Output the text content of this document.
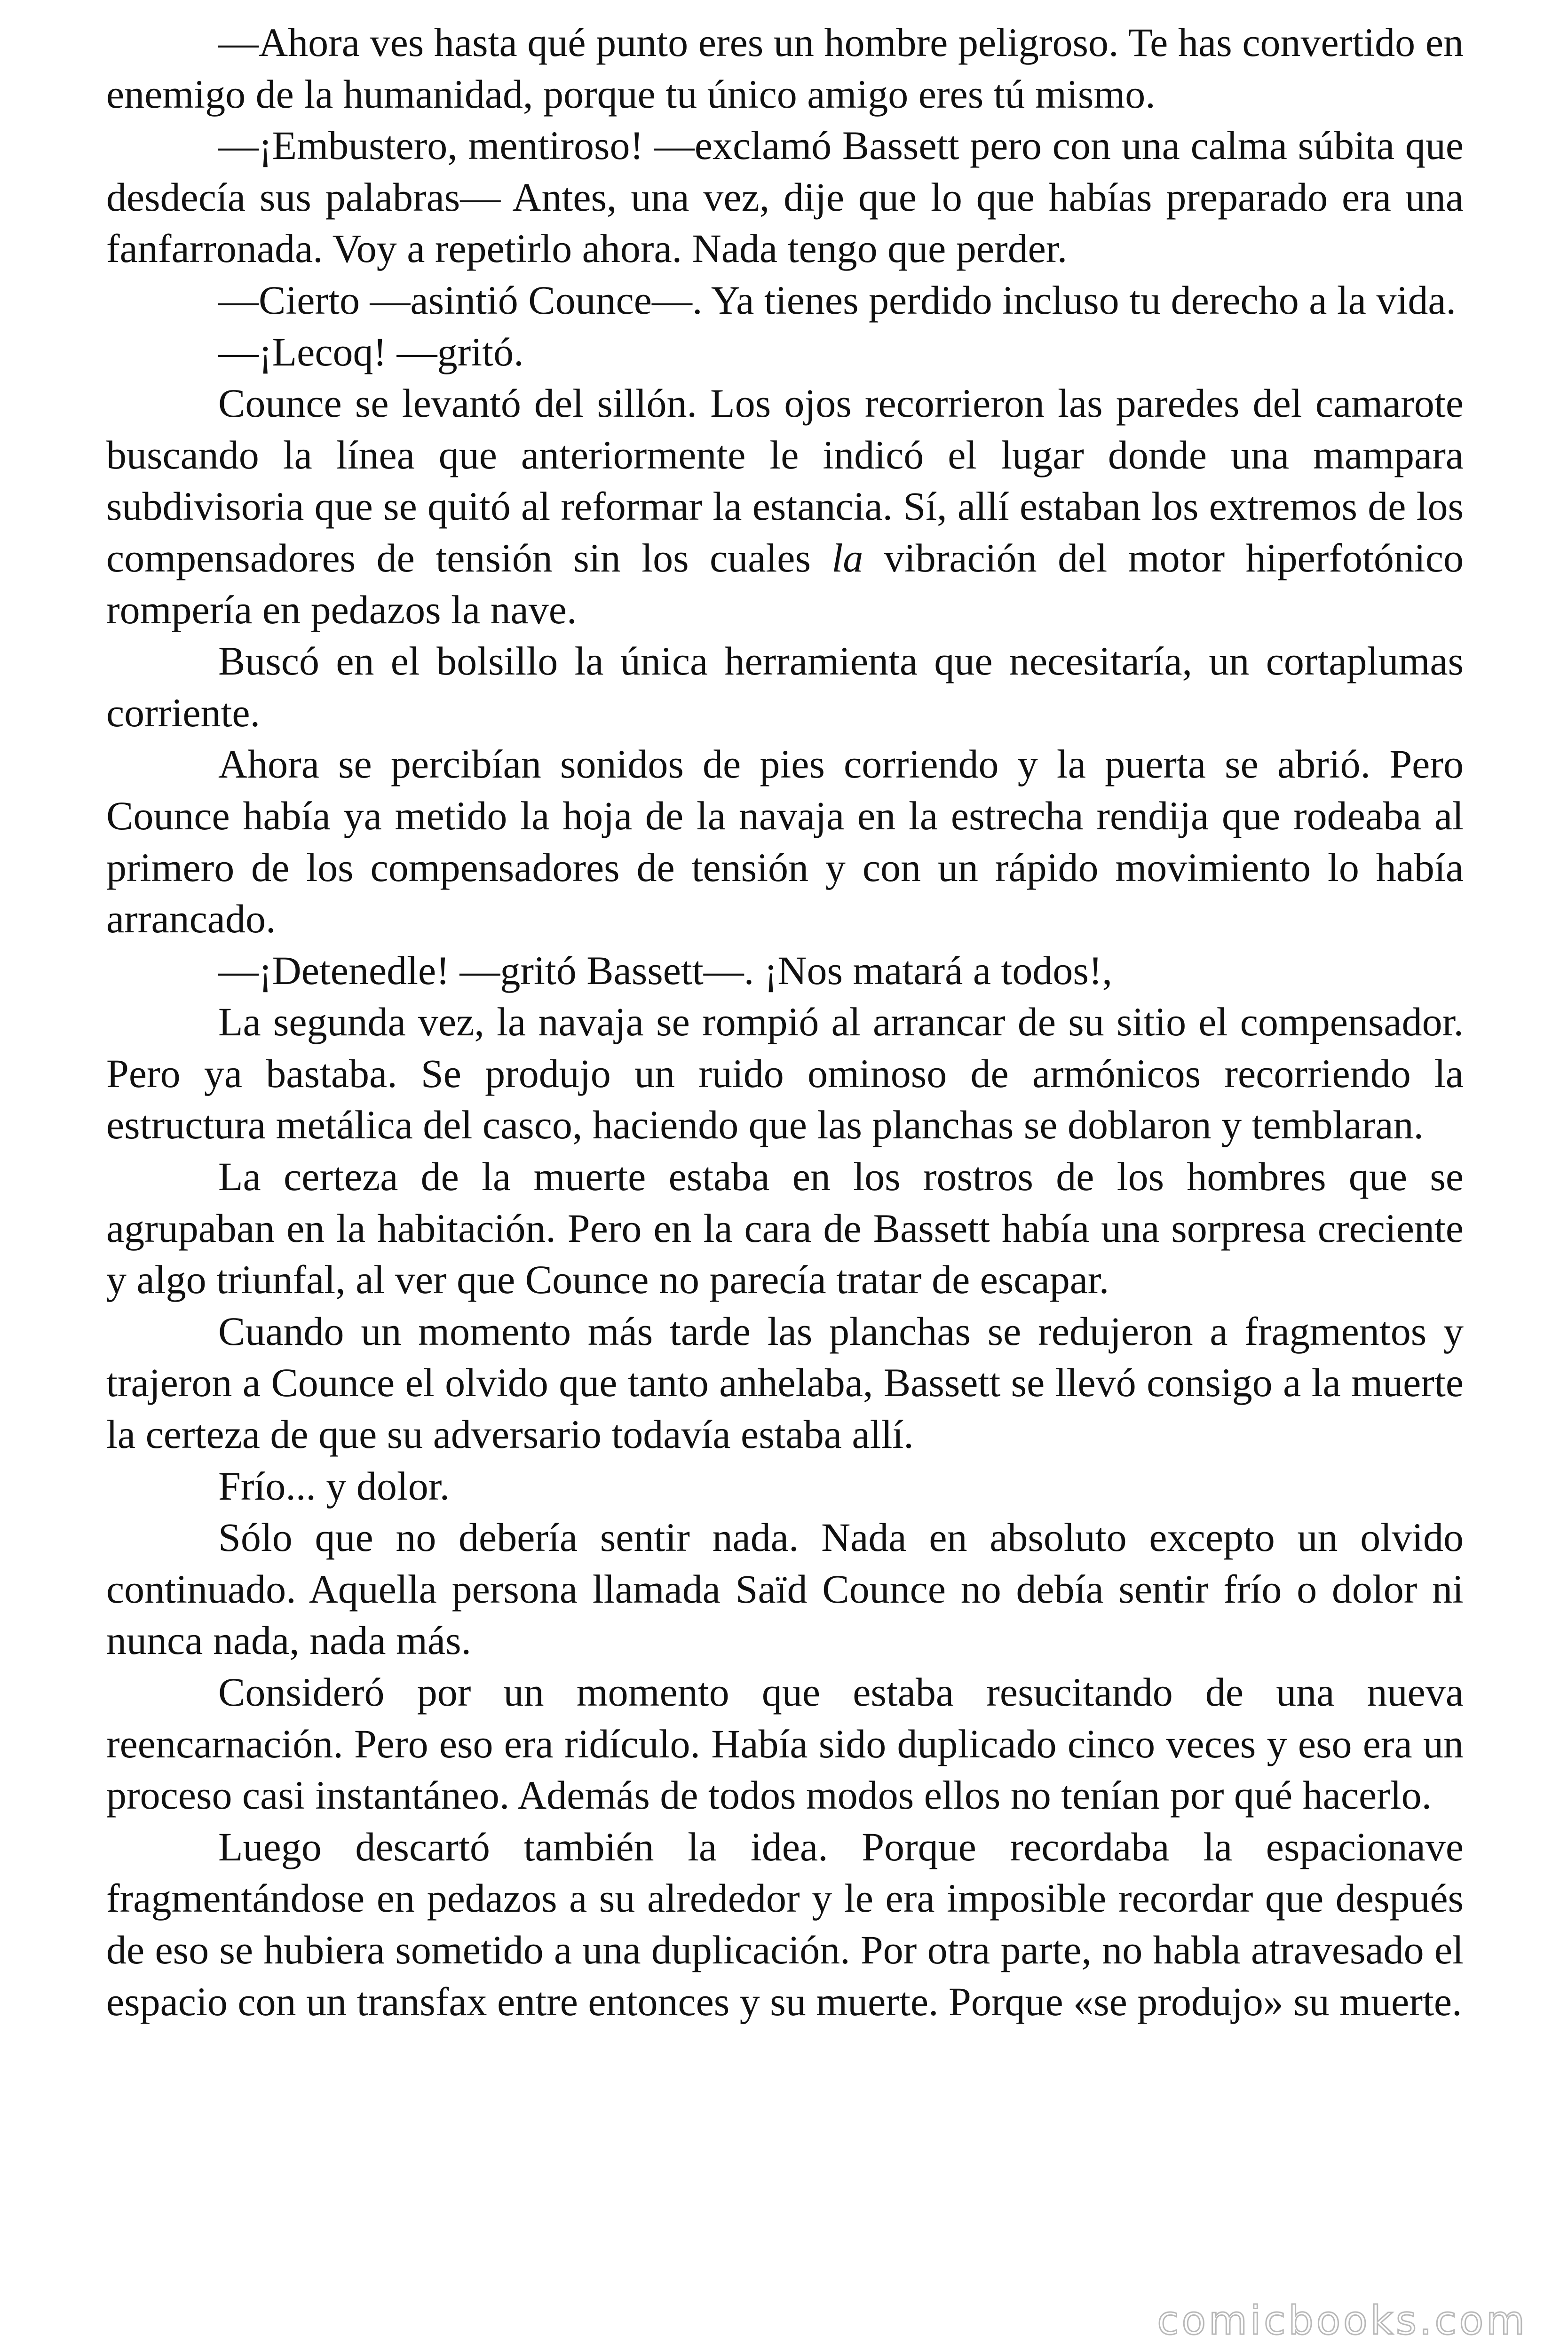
—Ahora ves hasta qué punto eres un hombre peligroso. Te has convertido en enemigo de la humanidad, porque tu único amigo eres tú mismo.

—¡Embustero, mentiroso! —exclamó Bassett pero con una calma súbita que desdecía sus palabras— Antes, una vez, dije que lo que habías preparado era una fanfarronada. Voy a repetirlo ahora. Nada tengo que perder.

—Cierto —asintió Counce—. Ya tienes perdido incluso tu derecho a la vida.

—¡Lecoq! —gritó.

Counce se levantó del sillón. Los ojos recorrieron las paredes del camarote buscando la línea que anteriormente le indicó el lugar donde una mampara subdivisoria que se quitó al reformar la estancia. Sí, allí estaban los extremos de los compensadores de tensión sin los cuales la vibración del motor hiperfotónico rompería en pedazos la nave.

Buscó en el bolsillo la única herramienta que necesitaría, un cortaplumas corriente.

Ahora se percibían sonidos de pies corriendo y la puerta se abrió. Pero Counce había ya metido la hoja de la navaja en la estrecha rendija que rodeaba al primero de los compensadores de tensión y con un rápido movimiento lo había arrancado.

—¡Detenedle! —gritó Bassett—. ¡Nos matará a todos!,

La segunda vez, la navaja se rompió al arrancar de su sitio el compensador. Pero ya bastaba. Se produjo un ruido ominoso de armónicos recorriendo la estructura metálica del casco, haciendo que las planchas se doblaron y temblaran.

La certeza de la muerte estaba en los rostros de los hombres que se agrupaban en la habitación. Pero en la cara de Bassett había una sorpresa creciente y algo triunfal, al ver que Counce no parecía tratar de escapar.

Cuando un momento más tarde las planchas se redujeron a fragmentos y trajeron a Counce el olvido que tanto anhelaba, Bassett se llevó consigo a la muerte la certeza de que su adversario todavía estaba allí.

Frío... y dolor.

Sólo que no debería sentir nada. Nada en absoluto excepto un olvido continuado. Aquella persona llamada Saïd Counce no debía sentir frío o dolor ni nunca nada, nada más.

Consideró por un momento que estaba resucitando de una nueva reencarnación. Pero eso era ridículo. Había sido duplicado cinco veces y eso era un proceso casi instantáneo. Además de todos modos ellos no tenían por qué hacerlo.

Luego descartó también la idea. Porque recordaba la espacionave fragmentándose en pedazos a su alrededor y le era imposible recordar que después de eso se hubiera sometido a una duplicación. Por otra parte, no habla atravesado el espacio con un transfax entre entonces y su muerte. Porque «se produjo» su muerte.

comicbooks.com
